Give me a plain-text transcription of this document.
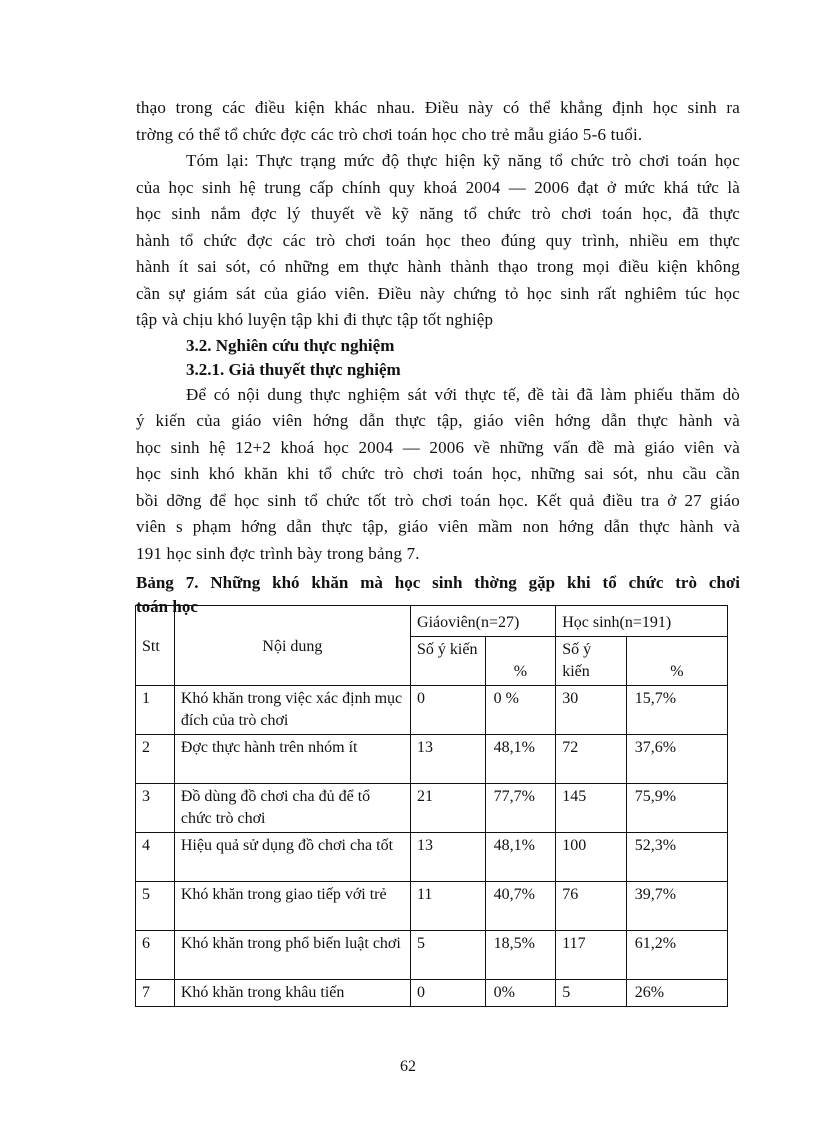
thạo trong các điều kiện khác nhau. Điều này có thể khẳng định học sinh ra
trờng có thể tổ chức đợc các trò chơi toán học cho trẻ mẫu giáo 5-6 tuổi.

Tóm lại: Thực trạng mức độ thực hiện kỹ năng tổ chức trò chơi toán học
của học sinh hệ trung cấp chính quy khoá 2004 — 2006 đạt ở mức khá tức là
học sinh nắm đợc lý thuyết về kỹ năng tổ chức trò chơi toán học, đã thực
hành tổ chức đợc các trò chơi toán học theo đúng quy trình, nhiều em thực
hành ít sai sót, có những em thực hành thành thạo trong mọi điều kiện không
cần sự giám sát của giáo viên. Điều này chứng tỏ học sinh rất nghiêm túc học
tập và chịu khó luyện tập khi đi thực tập tốt nghiệp

3.2. Nghiên cứu thực nghiệm
3.2.1. Giả thuyết thực nghiệm

Để có nội dung thực nghiệm sát với thực tế, đề tài đã làm phiếu thăm dò
ý kiến của giáo viên hớng dẫn thực tập, giáo viên hớng dẫn thực hành và
học sinh hệ 12+2 khoá học 2004 — 2006 về những vấn đề mà giáo viên và
học sinh khó khăn khi tổ chức trò chơi toán học, những sai sót, nhu cầu cần
bồi dỡng để học sinh tổ chức tốt trò chơi toán học. Kết quả điều tra ở 27 giáo
viên s phạm hớng dẫn thực tập, giáo viên mầm non hớng dẫn thực hành và
191 học sinh đợc trình bày trong bảng 7.

Bảng 7. Những khó khăn mà học sinh thờng gặp khi tổ chức trò chơi
toán học

Stt	Nội dung	Giáoviên(n=27)		Học sinh(n=191)	
		Số ý kiến	%	Số ý kiến	%
1	Khó khăn trong việc xác định mục đích của trò chơi	0	0 %	30	15,7%
2	Đợc thực hành trên nhóm ít	13	48,1%	72	37,6%
3	Đồ dùng đồ chơi cha đủ để tổ chức trò chơi	21	77,7%	145	75,9%
4	Hiệu quả sử dụng đồ chơi cha tốt	13	48,1%	100	52,3%
5	Khó khăn trong giao tiếp với trẻ	11	40,7%	76	39,7%
6	Khó khăn trong phổ biến luật chơi	5	18,5%	117	61,2%
7	Khó khăn trong khâu tiến	0	0%	5	26%
62
